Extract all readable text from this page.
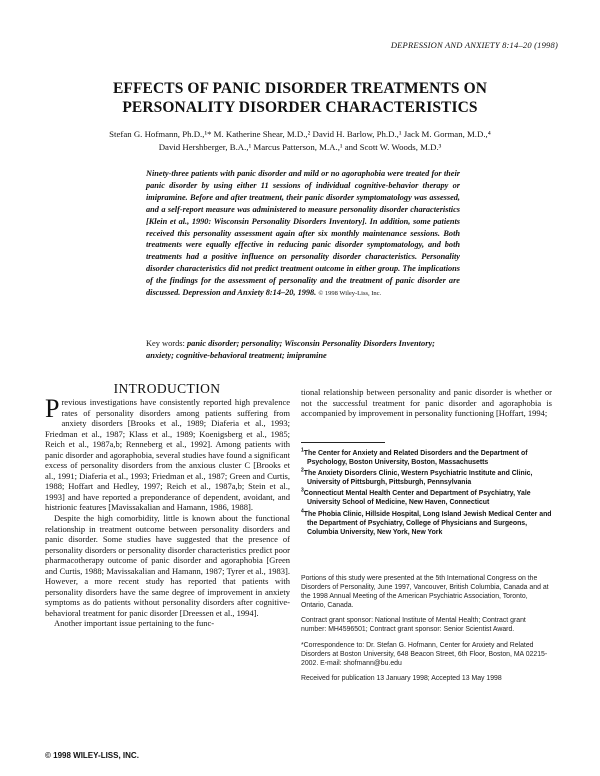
DEPRESSION AND ANXIETY 8:14–20 (1998)
EFFECTS OF PANIC DISORDER TREATMENTS ON
PERSONALITY DISORDER CHARACTERISTICS
Stefan G. Hofmann, Ph.D.,¹* M. Katherine Shear, M.D.,² David H. Barlow, Ph.D.,¹ Jack M. Gorman, M.D.,⁴
David Hershberger, B.A.,¹ Marcus Patterson, M.A.,¹ and Scott W. Woods, M.D.³

Ninety-three patients with panic disorder and mild or no agoraphobia were treated for their panic disorder by using either 11 sessions of individual cognitive-behavior therapy or imipramine. Before and after treatment, their panic disorder symptomatology was assessed, and a self-report measure was administered to measure personality disorder characteristics [Klein et al., 1990: Wisconsin Personality Disorders Inventory]. In addition, some patients received this personality assessment again after six monthly maintenance sessions. Both treatments were equally effective in reducing panic disorder symptomatology, and both treatments had a positive influence on personality disorder characteristics. Personality disorder characteristics did not predict treatment outcome in either group. The implications of the findings for the assessment of personality and the treatment of panic disorder are discussed. Depression and Anxiety 8:14–20, 1998. © 1998 Wiley-Liss, Inc.

Key words: panic disorder; personality; Wisconsin Personality Disorders Inventory; anxiety; cognitive-behavioral treatment; imipramine

INTRODUCTION

Previous investigations have consistently reported high prevalence rates of personality disorders among patients suffering from anxiety disorders [Brooks et al., 1989; Diaferia et al., 1993; Friedman et al., 1987; Klass et al., 1989; Koenigsberg et al., 1985; Reich et al., 1987a,b; Renneberg et al., 1992]. Among patients with panic disorder and agoraphobia, several studies have found a significant excess of personality disorders from the anxious cluster C [Brooks et al., 1991; Diaferia et al., 1993; Friedman et al., 1987; Green and Curtis, 1988; Hoffart and Hedley, 1997; Reich et al., 1987a,b; Stein et al., 1993] and have reported a preponderance of dependent, avoidant, and histrionic features [Mavissakalian and Hamann, 1986, 1988].

Despite the high comorbidity, little is known about the functional relationship in treatment outcome between personality disorders and panic disorder. Some studies have suggested that the presence of personality disorders or personality disorder characteristics predict poor pharmacotherapy outcome of panic disorder and agoraphobia [Green and Curtis, 1988; Mavissakalian and Hamann, 1987; Tyrer et al., 1983]. However, a more recent study has reported that patients with personality disorders have the same degree of improvement in anxiety symptoms as do patients without personality disorders after cognitive-behavioral treatment for panic disorder [Dreessen et al., 1994].

Another important issue pertaining to the func-

tional relationship between personality and panic disorder is whether or not the successful treatment for panic disorder and agoraphobia is accompanied by improvement in personality functioning [Hoffart, 1994;

$^1$The Center for Anxiety and Related Disorders and the Department of Psychology, Boston University, Boston, Massachusetts

$^2$The Anxiety Disorders Clinic, Western Psychiatric Institute and Clinic, University of Pittsburgh, Pittsburgh, Pennsylvania

$^3$Connecticut Mental Health Center and Department of Psychiatry, Yale University School of Medicine, New Haven, Connecticut

$^4$The Phobia Clinic, Hillside Hospital, Long Island Jewish Medical Center and the Department of Psychiatry, College of Physicians and Surgeons, Columbia University, New York, New York

Portions of this study were presented at the 5th International Congress on the Disorders of Personality, June 1997, Vancouver, British Columbia, Canada and at the 1998 Annual Meeting of the American Psychiatric Association, Toronto, Ontario, Canada.

Contract grant sponsor: National Institute of Mental Health; Contract grant number: MH4596501; Contract grant sponsor: Senior Scientist Award.

*Correspondence to: Dr. Stefan G. Hofmann, Center for Anxiety and Related Disorders at Boston University, 648 Beacon Street, 6th Floor, Boston, MA 02215-2002. E-mail: shofmann@bu.edu

Received for publication 13 January 1998; Accepted 13 May 1998

© 1998 WILEY-LISS, INC.
